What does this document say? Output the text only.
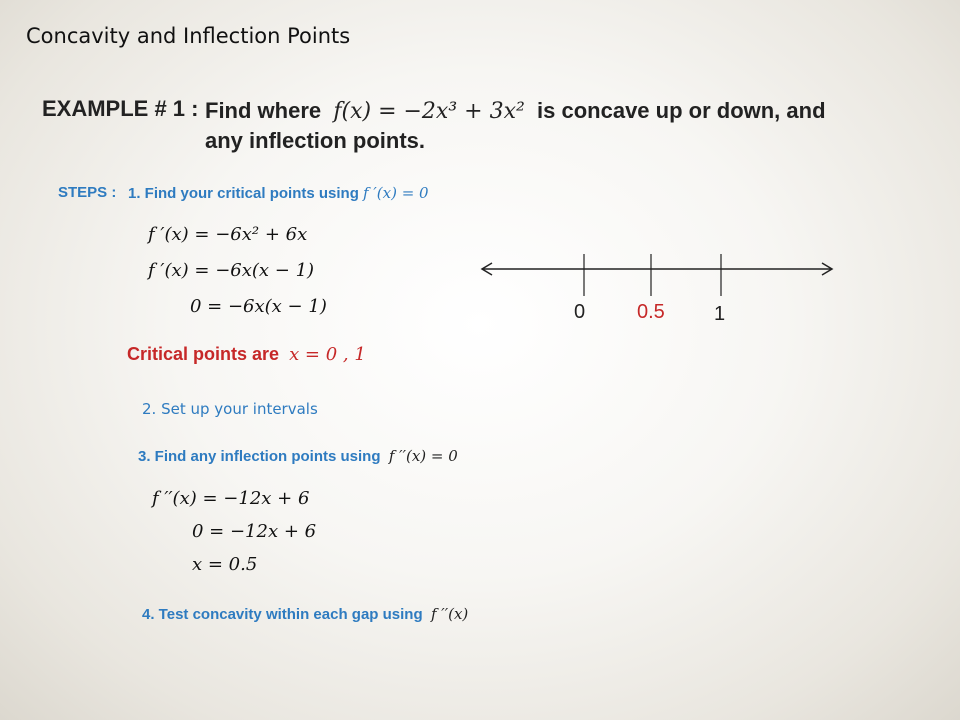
Concavity and Inflection Points
EXAMPLE # 1 : Find where f(x) = −2x³ + 3x² is concave up or down, and
any inflection points.
STEPS : 1. Find your critical points using f ′(x) = 0
f ′(x) = −6x² + 6x
f ′(x) = −6x(x − 1)
0 = −6x(x − 1)	0	0.5 1
Critical points are x = 0 , 1
2. Set up your intervals
3. Find any inflection points using f ′′(x) = 0
f ′′(x) = −12x + 6
0 = −12x + 6
x = 0.5
4. Test concavity within each gap using f ′′(x)
